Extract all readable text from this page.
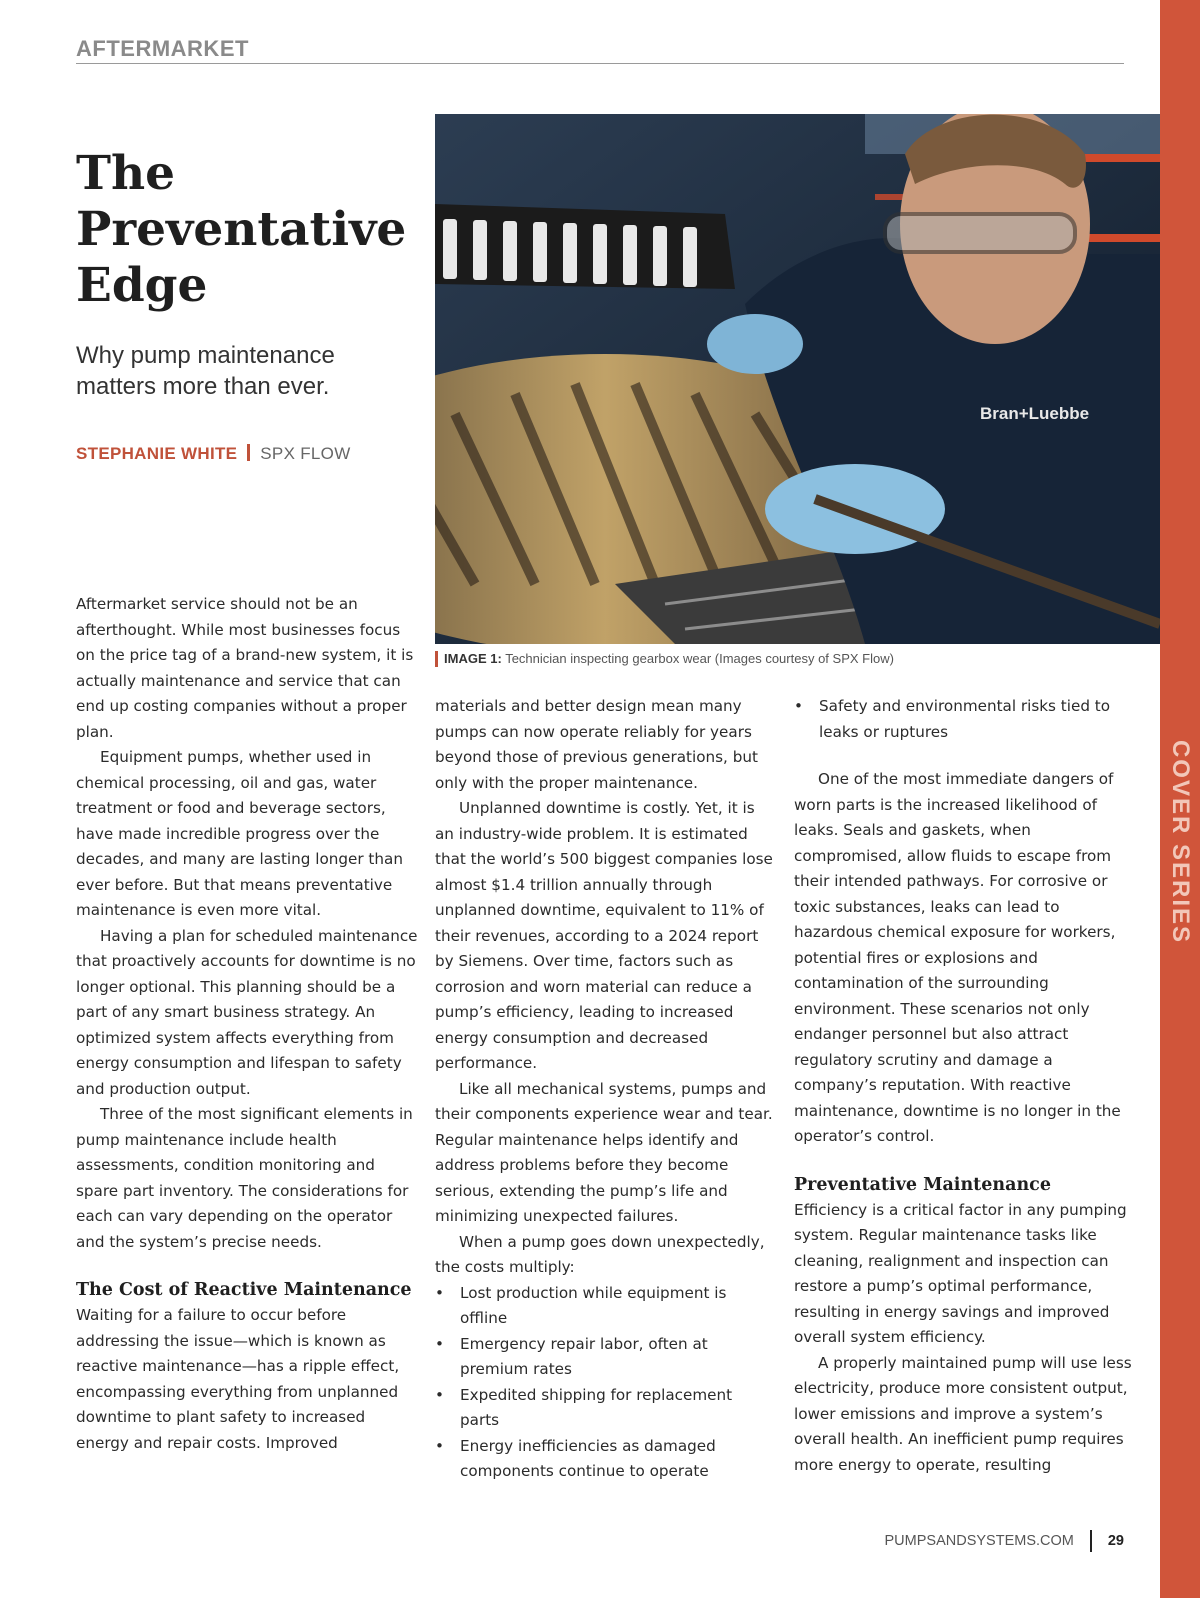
AFTERMARKET
COVER SERIES
The Preventative Edge

Why pump maintenance matters more than ever.

STEPHANIE WHITE SPX FLOW
Bran+Luebbe
IMAGE 1: Technician inspecting gearbox wear (Images courtesy of SPX Flow)

Aftermarket service should not be an afterthought. While most businesses focus on the price tag of a brand-new system, it is actually maintenance and service that can end up costing companies without a proper plan.

Equipment pumps, whether used in chemical processing, oil and gas, water treatment or food and beverage sectors, have made incredible progress over the decades, and many are lasting longer than ever before. But that means preventative maintenance is even more vital.

Having a plan for scheduled maintenance that proactively accounts for downtime is no longer optional. This planning should be a part of any smart business strategy. An optimized system affects everything from energy consumption and lifespan to safety and production output.

Three of the most significant elements in pump maintenance include health assessments, condition monitoring and spare part inventory. The considerations for each can vary depending on the operator and the system’s precise needs.

The Cost of Reactive Maintenance

Waiting for a failure to occur before addressing the issue—which is known as reactive maintenance—has a ripple effect, encompassing everything from unplanned downtime to plant safety to increased energy and repair costs. Improved

materials and better design mean many pumps can now operate reliably for years beyond those of previous generations, but only with the proper maintenance.

Unplanned downtime is costly. Yet, it is an industry-wide problem. It is estimated that the world’s 500 biggest companies lose almost $1.4 trillion annually through unplanned downtime, equivalent to 11% of their revenues, according to a 2024 report by Siemens. Over time, factors such as corrosion and worn material can reduce a pump’s efficiency, leading to increased energy consumption and decreased performance.

Like all mechanical systems, pumps and their components experience wear and tear. Regular maintenance helps identify and address problems before they become serious, extending the pump’s life and minimizing unexpected failures.

When a pump goes down unexpectedly, the costs multiply:

• Lost production while equipment is offline
• Emergency repair labor, often at premium rates
• Expedited shipping for replacement parts
• Energy inefficiencies as damaged components continue to operate
• Safety and environmental risks tied to leaks or ruptures

One of the most immediate dangers of worn parts is the increased likelihood of leaks. Seals and gaskets, when compromised, allow fluids to escape from their intended pathways. For corrosive or toxic substances, leaks can lead to hazardous chemical exposure for workers, potential fires or explosions and contamination of the surrounding environment. These scenarios not only endanger personnel but also attract regulatory scrutiny and damage a company’s reputation. With reactive maintenance, downtime is no longer in the operator’s control.

Preventative Maintenance

Efficiency is a critical factor in any pumping system. Regular maintenance tasks like cleaning, realignment and inspection can restore a pump’s optimal performance, resulting in energy savings and improved overall system efficiency.

A properly maintained pump will use less electricity, produce more consistent output, lower emissions and improve a system’s overall health. An inefficient pump requires more energy to operate, resulting

PUMPSANDSYSTEMS.COM 29
